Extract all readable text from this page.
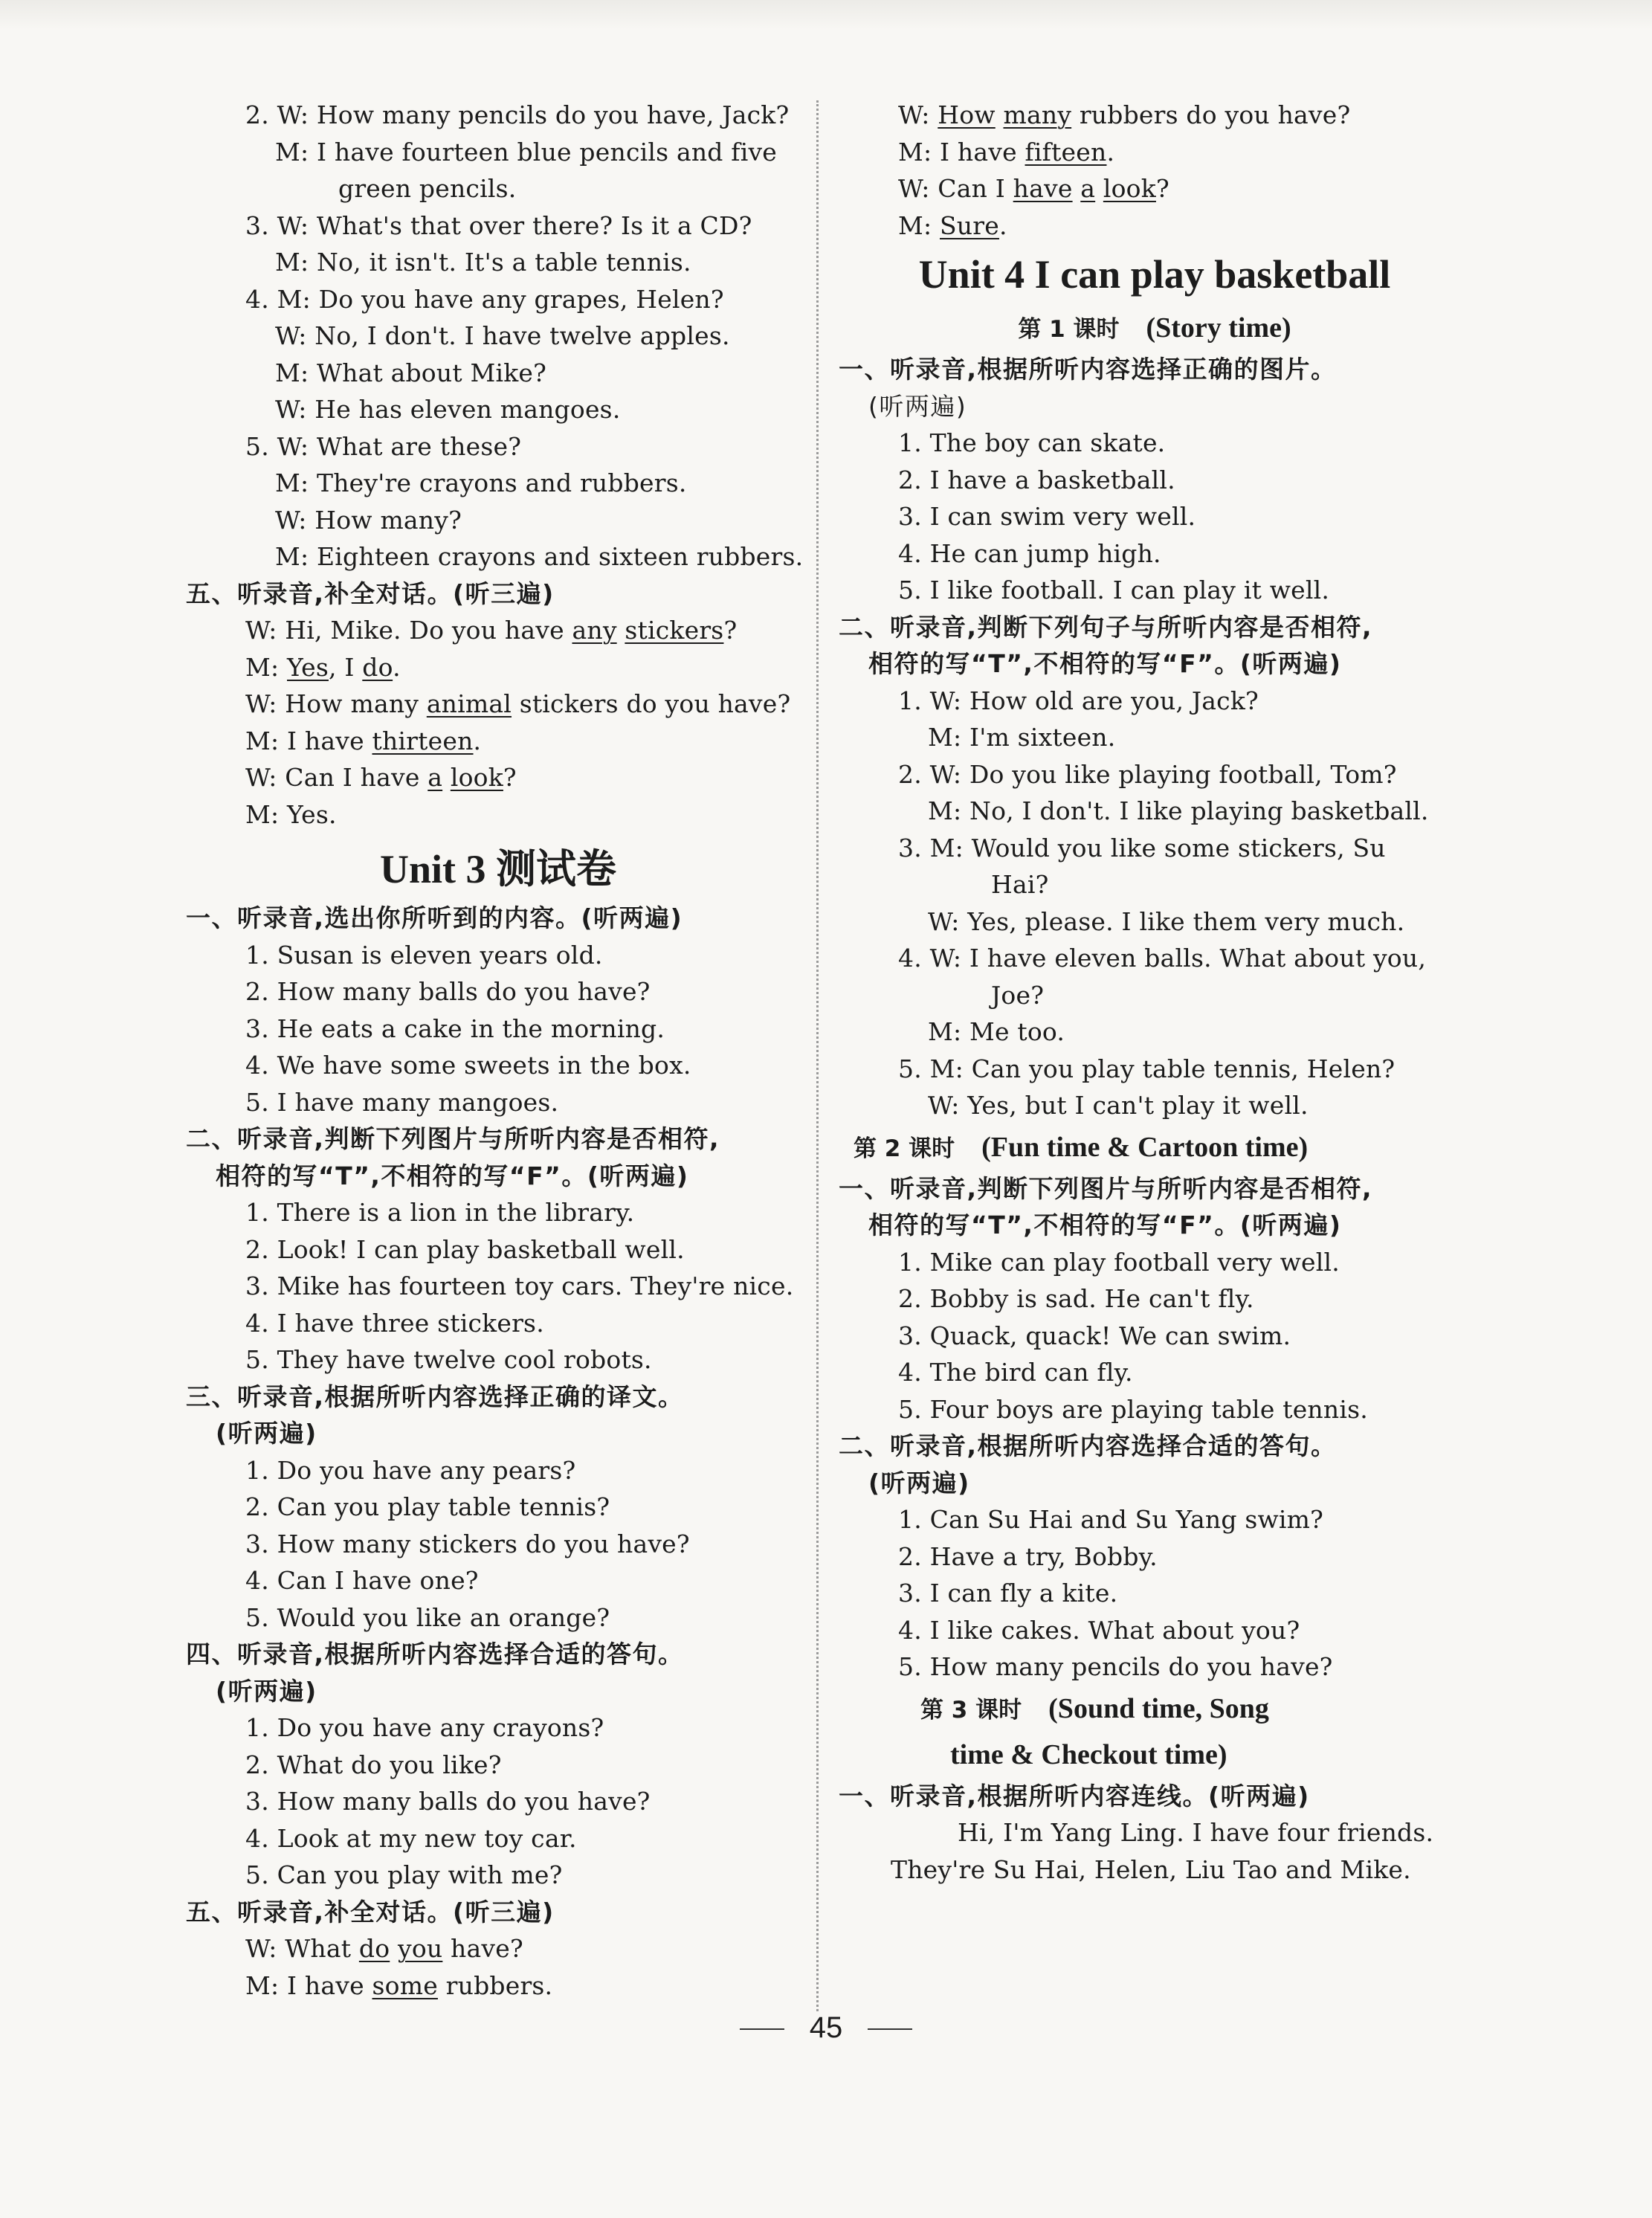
2. W: How many pencils do you have, Jack?
M: I have fourteen blue pencils and five
green pencils.
3. W: What's that over there? Is it a CD?
M: No, it isn't. It's a table tennis.
4. M: Do you have any grapes, Helen?
W: No, I don't. I have twelve apples.
M: What about Mike?
W: He has eleven mangoes.
5. W: What are these?
M: They're crayons and rubbers.
W: How many?
M: Eighteen crayons and sixteen rubbers.
五、听录音,补全对话。(听三遍)
W: Hi, Mike. Do you have any stickers?
M: Yes, I do.
W: How many animal stickers do you have?
M: I have thirteen.
W: Can I have a look?
M: Yes.
Unit 3 测试卷
一、听录音,选出你所听到的内容。(听两遍)
1. Susan is eleven years old.
2. How many balls do you have?
3. He eats a cake in the morning.
4. We have some sweets in the box.
5. I have many mangoes.
二、听录音,判断下列图片与所听内容是否相符,
相符的写“T”,不相符的写“F”。(听两遍)
1. There is a lion in the library.
2. Look! I can play basketball well.
3. Mike has fourteen toy cars. They're nice.
4. I have three stickers.
5. They have twelve cool robots.
三、听录音,根据所听内容选择正确的译文。
(听两遍)
1. Do you have any pears?
2. Can you play table tennis?
3. How many stickers do you have?
4. Can I have one?
5. Would you like an orange?
四、听录音,根据所听内容选择合适的答句。
(听两遍)
1. Do you have any crayons?
2. What do you like?
3. How many balls do you have?
4. Look at my new toy car.
5. Can you play with me?
五、听录音,补全对话。(听三遍)
W: What do you have?
M: I have some rubbers.
W: How many rubbers do you have?
M: I have fifteen.
W: Can I have a look?
M: Sure.
Unit 4 I can play basketball
第 1 课时 (Story time)
一、听录音,根据所听内容选择正确的图片。
(听两遍)
1. The boy can skate.
2. I have a basketball.
3. I can swim very well.
4. He can jump high.
5. I like football. I can play it well.
二、听录音,判断下列句子与所听内容是否相符,
相符的写“T”,不相符的写“F”。(听两遍)
1. W: How old are you, Jack?
M: I'm sixteen.
2. W: Do you like playing football, Tom?
M: No, I don't. I like playing basketball.
3. M: Would you like some stickers, Su
Hai?
W: Yes, please. I like them very much.
4. W: I have eleven balls. What about you,
Joe?
M: Me too.
5. M: Can you play table tennis, Helen?
W: Yes, but I can't play it well.
第 2 课时 (Fun time & Cartoon time)
一、听录音,判断下列图片与所听内容是否相符,
相符的写“T”,不相符的写“F”。(听两遍)
1. Mike can play football very well.
2. Bobby is sad. He can't fly.
3. Quack, quack! We can swim.
4. The bird can fly.
5. Four boys are playing table tennis.
二、听录音,根据所听内容选择合适的答句。
(听两遍)
1. Can Su Hai and Su Yang swim?
2. Have a try, Bobby.
3. I can fly a kite.
4. I like cakes. What about you?
5. How many pencils do you have?
第 3 课时 (Sound time, Song
time & Checkout time)
一、听录音,根据所听内容连线。(听两遍)
Hi, I'm Yang Ling. I have four friends.
They're Su Hai, Helen, Liu Tao and Mike.
45
